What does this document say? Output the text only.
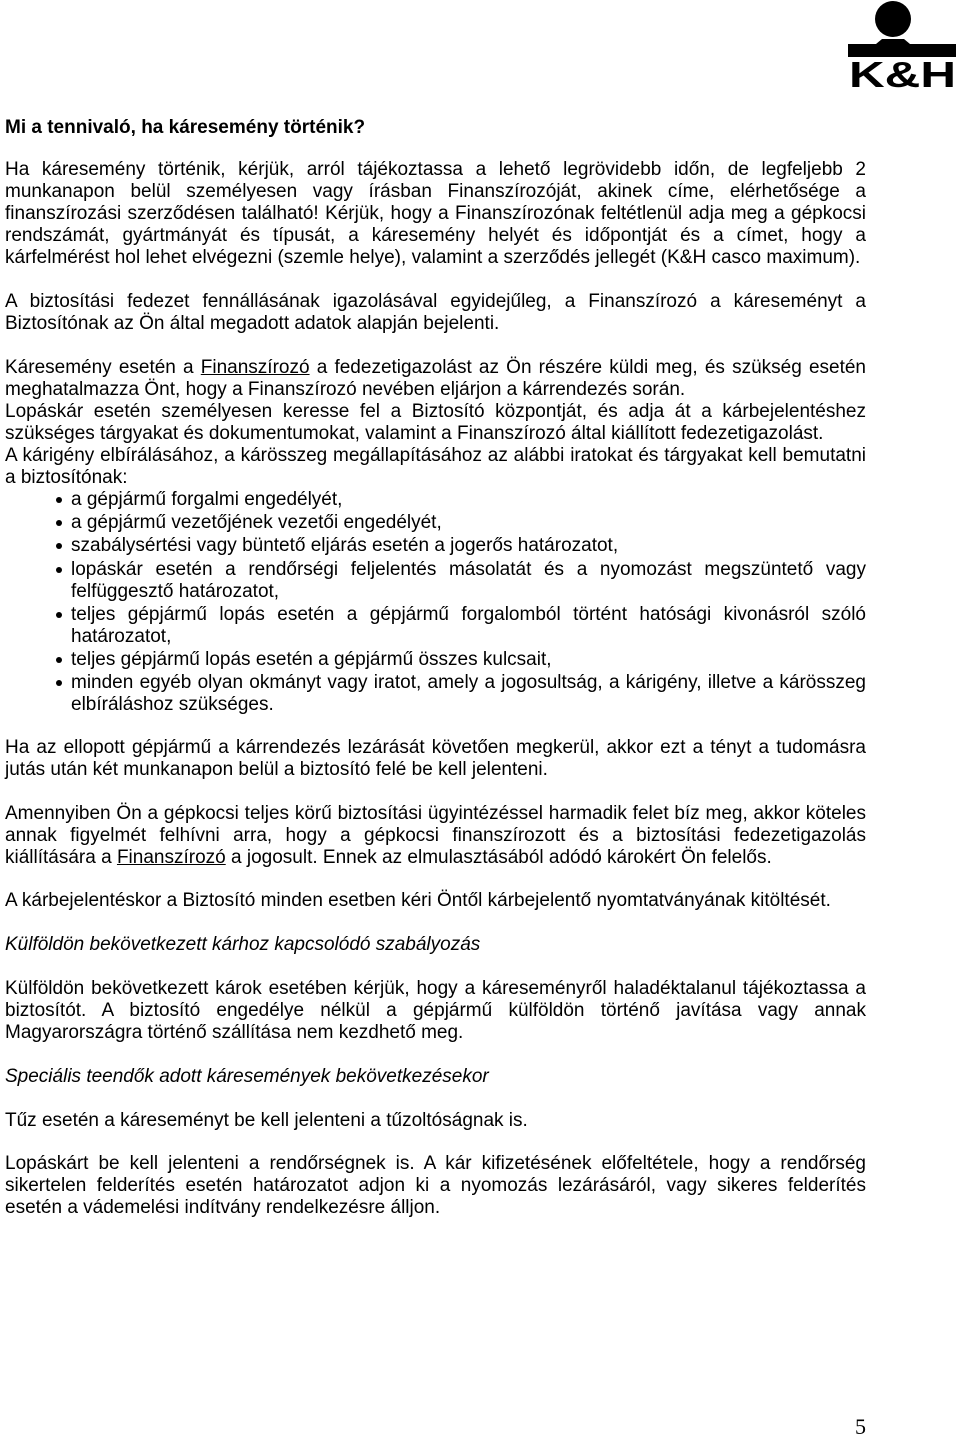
K&H

Mi a tennivaló, ha káresemény történik?

Ha káresemény történik, kérjük, arról tájékoztassa a lehető legrövidebb időn, de legfeljebb 2 munkanapon belül személyesen vagy írásban Finanszírozóját, akinek címe, elérhetősége a finanszírozási szerződésen található! Kérjük, hogy a Finanszírozónak feltétlenül adja meg a gépkocsi rendszámát, gyártmányát és típusát, a káresemény helyét és időpontját és a címet, hogy a kárfelmérést hol lehet elvégezni (szemle helye), valamint a szerződés jellegét (K&H casco maximum).

A biztosítási fedezet fennállásának igazolásával egyidejűleg, a Finanszírozó a káreseményt a Biztosítónak az Ön által megadott adatok alapján bejelenti.

Káresemény esetén a Finanszírozó a fedezetigazolást az Ön részére küldi meg, és szükség esetén meghatalmazza Önt, hogy a Finanszírozó nevében eljárjon a kárrendezés során.

Lopáskár esetén személyesen keresse fel a Biztosító központját, és adja át a kárbejelentéshez szükséges tárgyakat és dokumentumokat, valamint a Finanszírozó által kiállított fedezetigazolást.

A kárigény elbírálásához, a kárösszeg megállapításához az alábbi iratokat és tárgyakat kell bemutatni a biztosítónak:

a gépjármű forgalmi engedélyét,
a gépjármű vezetőjének vezetői engedélyét,
szabálysértési vagy büntető eljárás esetén a jogerős határozatot,
lopáskár esetén a rendőrségi feljelentés másolatát és a nyomozást megszüntető vagy felfüggesztő határozatot,
teljes gépjármű lopás esetén a gépjármű forgalomból történt hatósági kivonásról szóló határozatot,
teljes gépjármű lopás esetén a gépjármű összes kulcsait,
minden egyéb olyan okmányt vagy iratot, amely a jogosultság, a kárigény, illetve a kárösszeg elbíráláshoz szükséges.

Ha az ellopott gépjármű a kárrendezés lezárását követően megkerül, akkor ezt a tényt a tudomásra jutás után két munkanapon belül a biztosító felé be kell jelenteni.

Amennyiben Ön a gépkocsi teljes körű biztosítási ügyintézéssel harmadik felet bíz meg, akkor köteles annak figyelmét felhívni arra, hogy a gépkocsi finanszírozott és a biztosítási fedezetigazolás kiállítására a Finanszírozó a jogosult. Ennek az elmulasztásából adódó károkért Ön felelős.

A kárbejelentéskor a Biztosító minden esetben kéri Öntől kárbejelentő nyomtatványának kitöltését.

Külföldön bekövetkezett kárhoz kapcsolódó szabályozás

Külföldön bekövetkezett károk esetében kérjük, hogy a káreseményről haladéktalanul tájékoztassa a biztosítót. A biztosító engedélye nélkül a gépjármű külföldön történő javítása vagy annak Magyarországra történő szállítása nem kezdhető meg.

Speciális teendők adott káresemények bekövetkezésekor

Tűz esetén a káreseményt be kell jelenteni a tűzoltóságnak is.

Lopáskárt be kell jelenteni a rendőrségnek is. A kár kifizetésének előfeltétele, hogy a rendőrség sikertelen felderítés esetén határozatot adjon ki a nyomozás lezárásáról, vagy sikeres felderítés esetén a vádemelési indítvány rendelkezésre álljon.

5
